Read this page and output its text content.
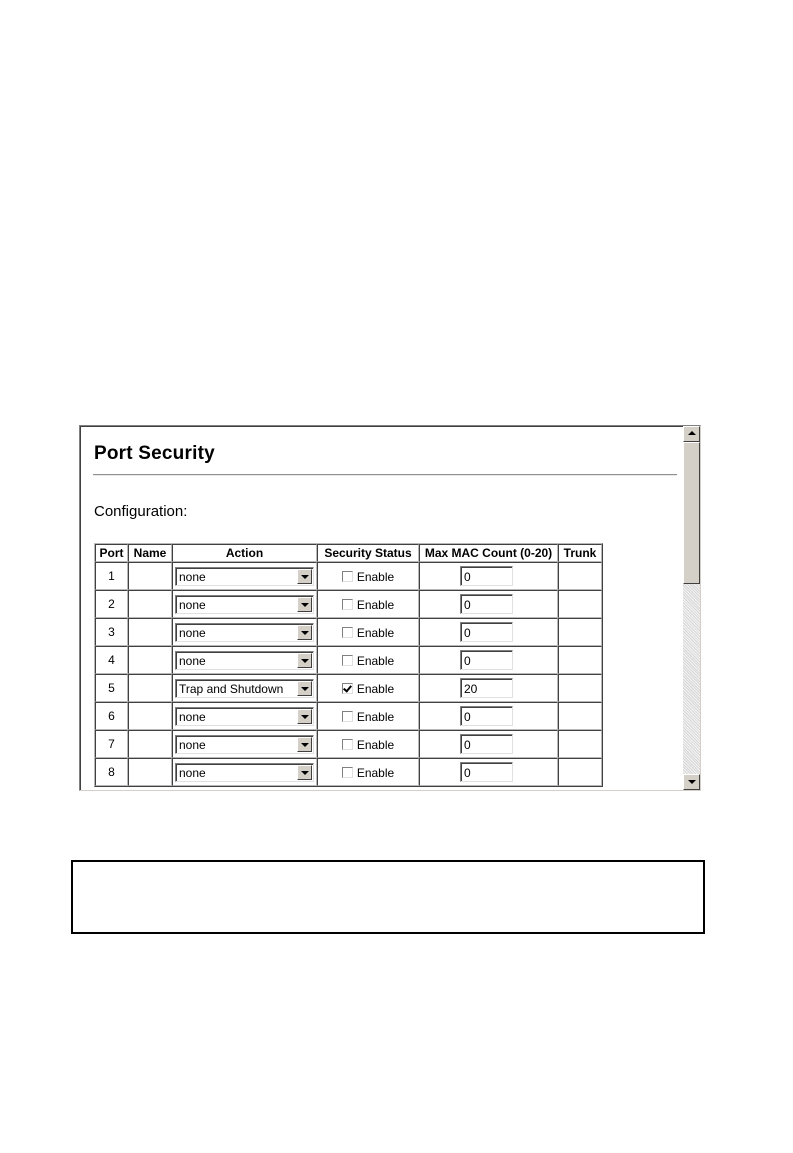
Port Security
Configuration:
Port	Name	Action	Security Status	Max MAC Count (0-20)	Trunk
1		none	Enable	0	

2		none	Enable	0	

3		none	Enable	0	

4		none	Enable	0	

5		Trap and Shutdown	Enable	20	

6		none	Enable	0	

7		none	Enable	0	

8		none	Enable	0	
